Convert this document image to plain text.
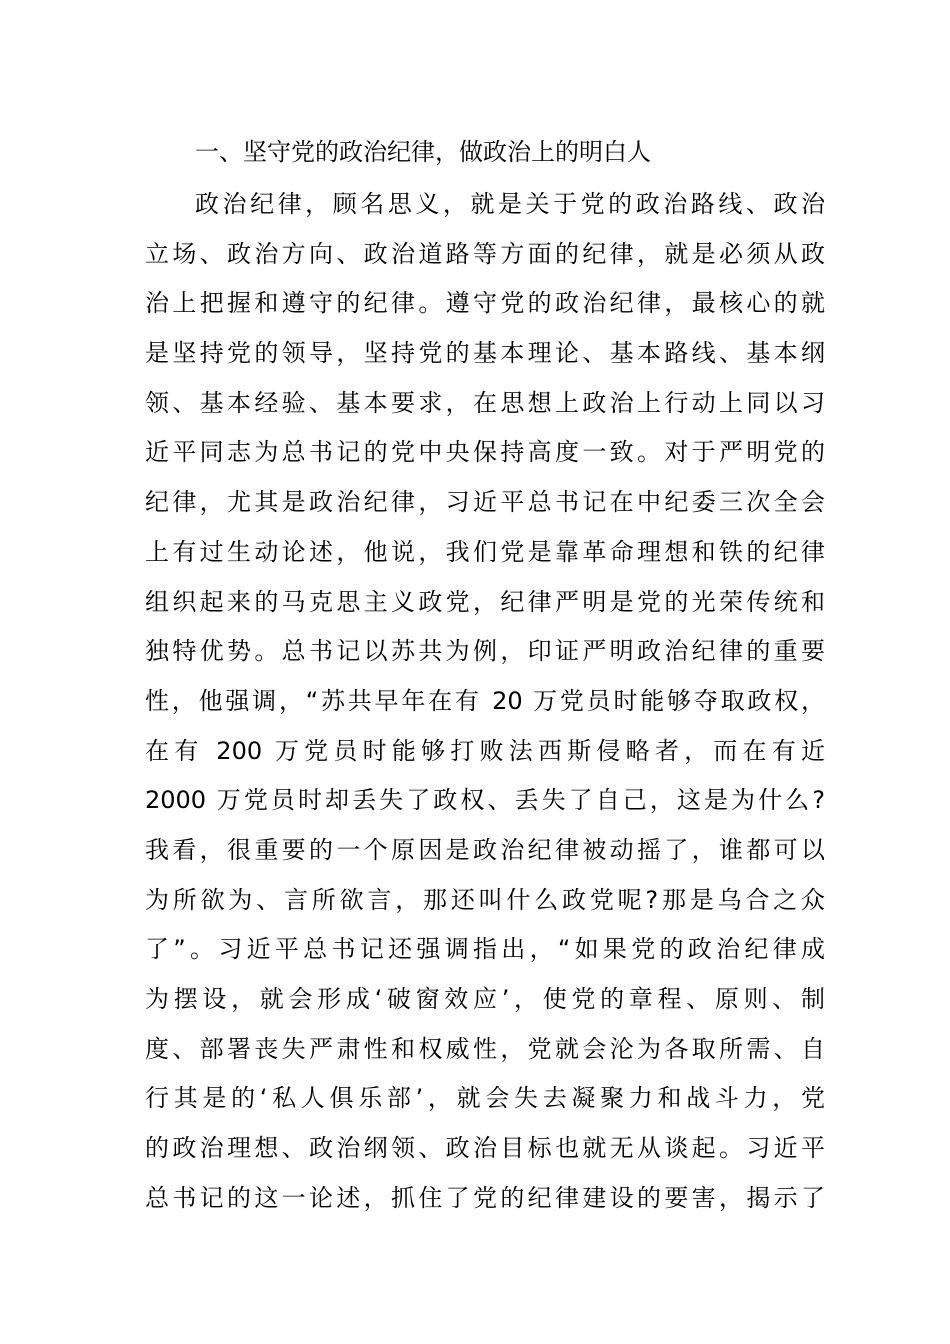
一、坚守党的政治纪律，做政治上的明白人
政治纪律，顾名思义，就是关于党的政治路线、政治
立场、政治方向、政治道路等方面的纪律，就是必须从政
治上把握和遵守的纪律。遵守党的政治纪律，最核心的就
是坚持党的领导，坚持党的基本理论、基本路线、基本纲
领、基本经验、基本要求，在思想上政治上行动上同以习
近平同志为总书记的党中央保持高度一致。对于严明党的
纪律，尤其是政治纪律，习近平总书记在中纪委三次全会
上有过生动论述，他说，我们党是靠革命理想和铁的纪律
组织起来的马克思主义政党，纪律严明是党的光荣传统和
独特优势。总书记以苏共为例，印证严明政治纪律的重要
性，他强调，“苏共早年在有 20 万党员时能够夺取政权，
在有 200 万党员时能够打败法西斯侵略者，而在有近
2000 万党员时却丢失了政权、丢失了自己，这是为什么?
我看，很重要的一个原因是政治纪律被动摇了，谁都可以
为所欲为、言所欲言，那还叫什么政党呢?那是乌合之众
了”。习近平总书记还强调指出，“如果党的政治纪律成
为摆设，就会形成‘破窗效应’，使党的章程、原则、制
度、部署丧失严肃性和权威性，党就会沦为各取所需、自
行其是的‘私人俱乐部’，就会失去凝聚力和战斗力，党
的政治理想、政治纲领、政治目标也就无从谈起。习近平
总书记的这一论述，抓住了党的纪律建设的要害，揭示了
